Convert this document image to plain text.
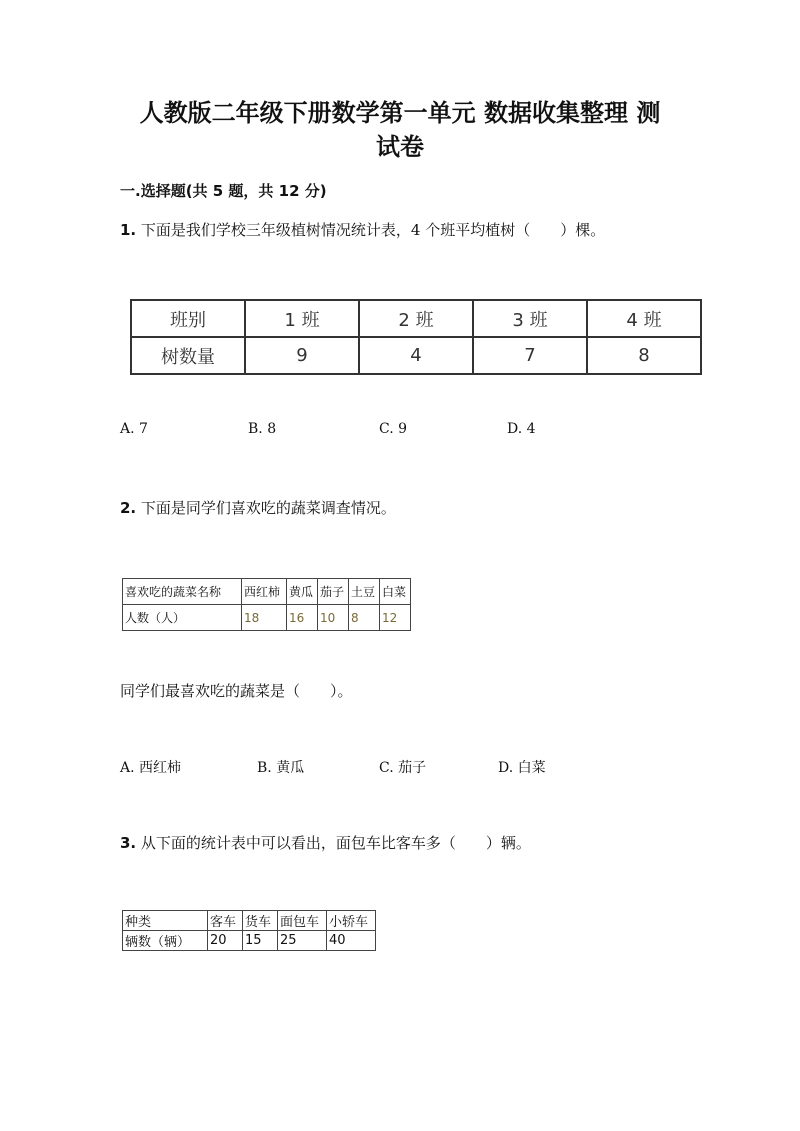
人教版二年级下册数学第一单元 数据收集整理 测
试卷
一.选择题(共 5 题，共 12 分)
1. 下面是我们学校三年级植树情况统计表，4 个班平均植树（　　）棵。
班别	1 班	2 班	3 班	4 班
树数量	9	4	7	8
A. 7	B. 8	C. 9	D. 4
2. 下面是同学们喜欢吃的蔬菜调查情况。
喜欢吃的蔬菜名称	西红柿	黄瓜	茄子	土豆	白菜
人数（人）	18	16	10	8	12
同学们最喜欢吃的蔬菜是（　　）。
A. 西红柿	B. 黄瓜	C. 茄子	D. 白菜
3. 从下面的统计表中可以看出，面包车比客车多（　　）辆。
种类	客车	货车	面包车	小轿车
辆数（辆）	20	15	25	40
